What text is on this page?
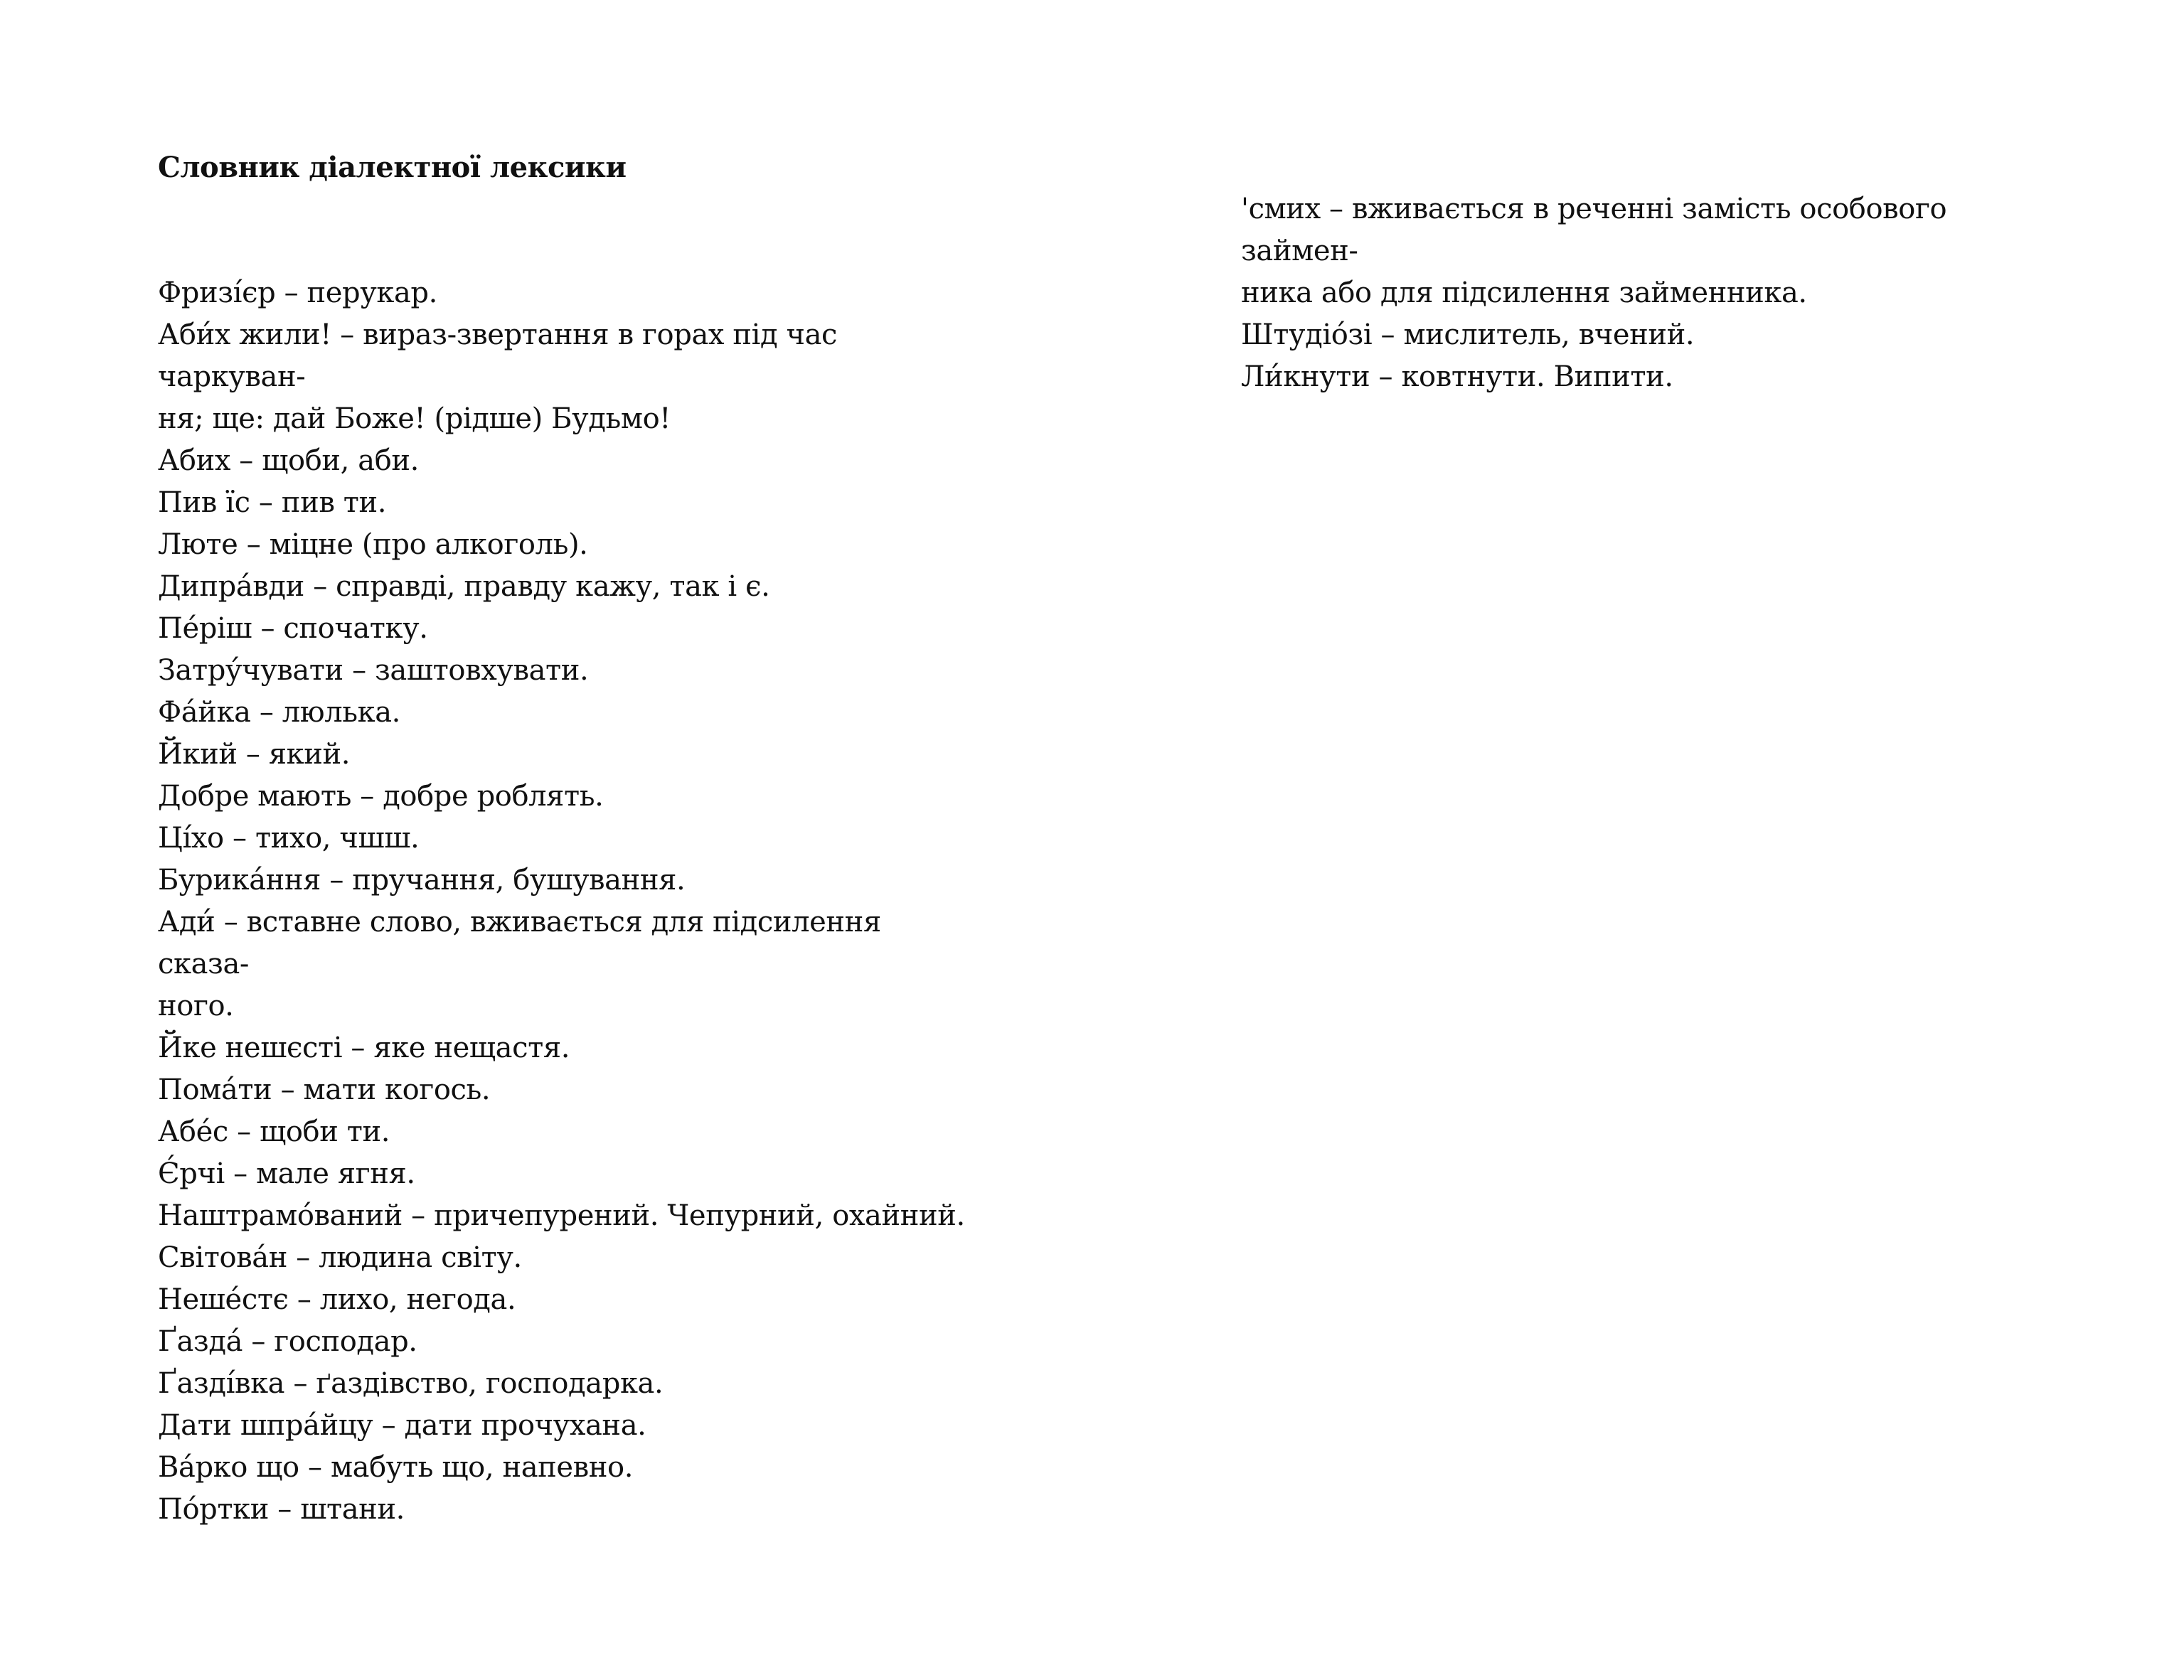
Словник діалектної лексики

Фризі́єр – перукар.

Аби́х жили! – вираз-звертання в горах під час чаркуван-

ня; ще: дай Боже! (рідше) Будьмо!

Абих – щоби, аби.

Пив їс – пив ти.

Люте – міцне (про алкоголь).

Дипра́вди – справді, правду кажу, так і є.

Пе́ріш – спочатку.

Затру́чувати – заштовхувати.

Фа́йка – люлька.

Йкий – який.

Добре мають – добре роблять.

Ці́хо – тихо, чшш.

Бурика́ння – пручання, бушування.

Ади́ – вставне слово, вживається для підсилення сказа-

ного.

Йке нешєсті – яке нещастя.

Пома́ти – мати когось.

Абе́с – щоби ти.

Є́рчі – мале ягня.

Наштрамо́ваний – причепурений. Чепурний, охайний.

Світова́н – людина світу.

Неше́стє – лихо, негода.

Ґазда́ – господар.

Ґазді́вка – ґаздівство, господарка.

Дати шпра́йцу – дати прочухана.

Ва́рко що – мабуть що, напевно.

По́ртки – штани.

'смих – вживається в реченні замість особового займен-

ника або для підсилення займенника.

Штудіо́зі – мислитель, вчений.

Ли́кнути – ковтнути. Випити.
